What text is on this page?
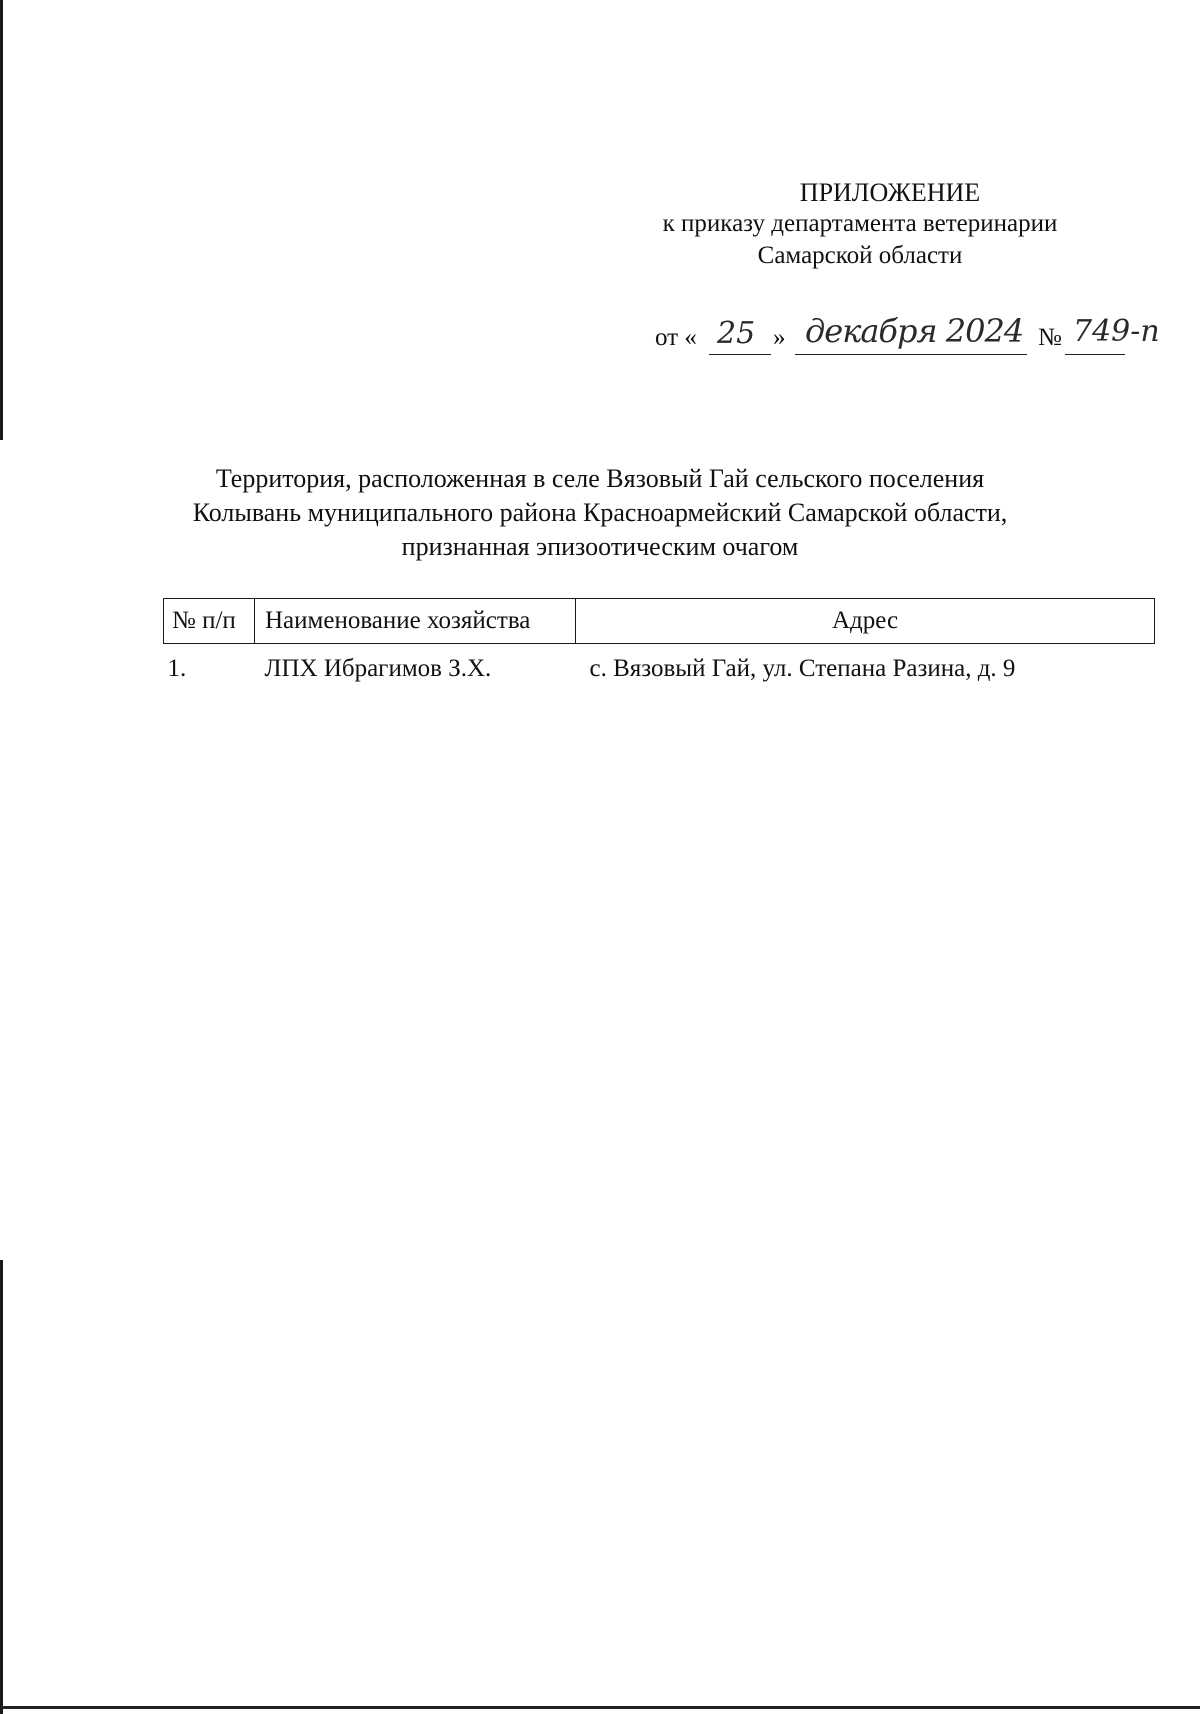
ПРИЛОЖЕНИЕ
к приказу департамента ветеринарии
Самарской области
от « 25 » декабря 2024 № 749-п
Территория, расположенная в селе Вязовый Гай сельского поселения
Колывань муниципального района Красноармейский Самарской области,
признанная эпизоотическим очагом
№ п/п	Наименование хозяйства	Адрес
1.	ЛПХ Ибрагимов З.Х.	с. Вязовый Гай, ул. Степана Разина, д. 9
